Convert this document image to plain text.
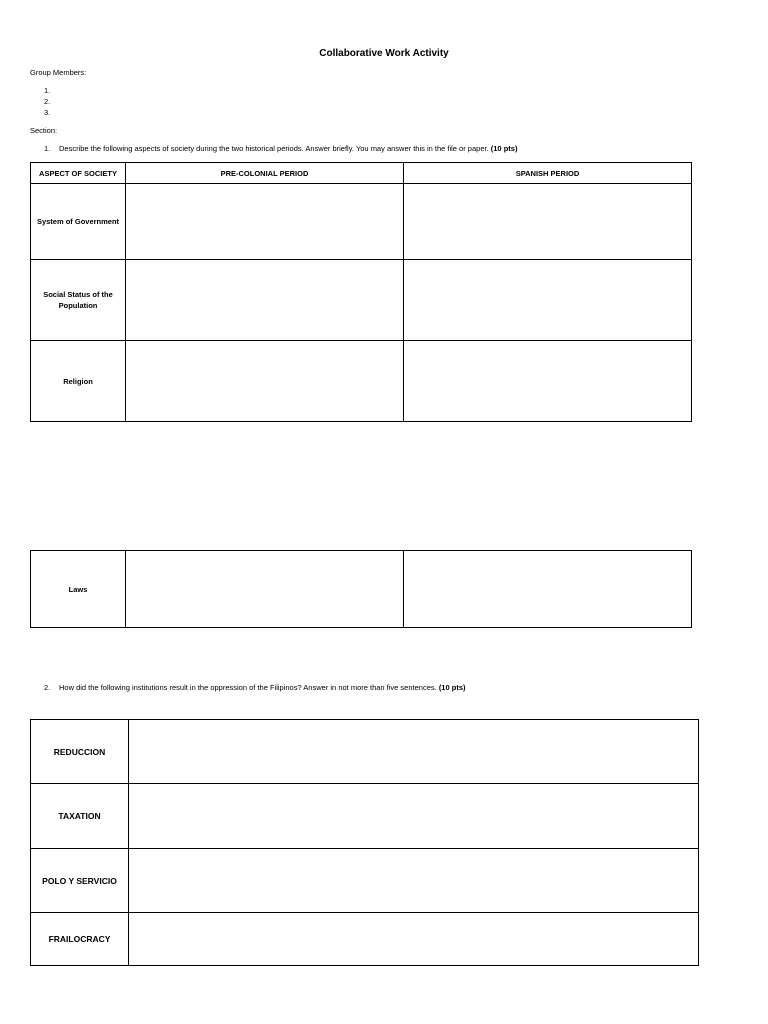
Collaborative Work Activity
Group Members:
1.
2.
3.
Section:
1. Describe the following aspects of society during the two historical periods. Answer briefly. You may answer this in the file or paper. (10 pts)
ASPECT OF SOCIETY	PRE-COLONIAL PERIOD	SPANISH PERIOD
System of Government		
Social Status of the Population		
Religion		
Laws		
2. How did the following institutions result in the oppression of the Filipinos? Answer in not more than five sentences. (10 pts)
REDUCCION	
TAXATION	
POLO Y SERVICIO	
FRAILOCRACY	
